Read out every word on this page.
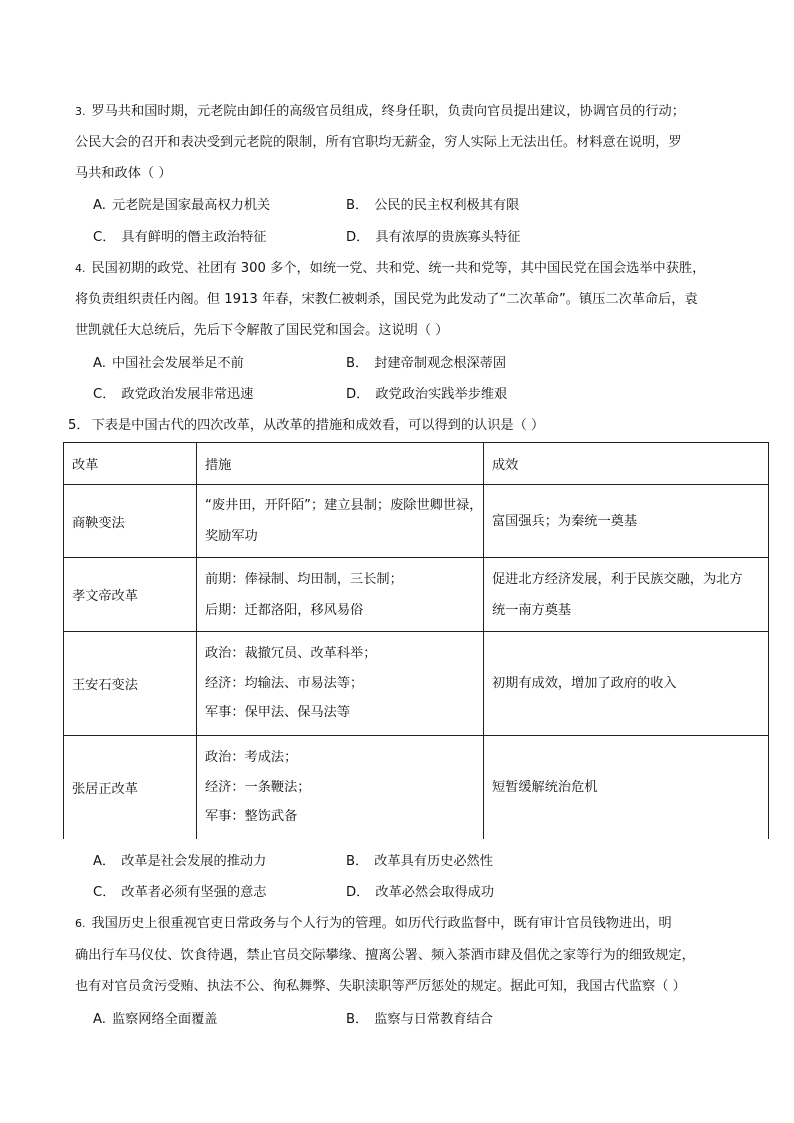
3. 罗马共和国时期，元老院由卸任的高级官员组成，终身任职，负责向官员提出建议，协调官员的行动；

公民大会的召开和表决受到元老院的限制，所有官职均无薪金，穷人实际上无法出任。材料意在说明，罗

马共和政体（ ）

A. 元老院是国家最高权力机关	B． 公民的民主权利极其有限
C． 具有鲜明的僭主政治特征	D． 具有浓厚的贵族寡头特征

4. 民国初期的政党、社团有 300 多个，如统一党、共和党、统一共和党等，其中国民党在国会选举中获胜，

将负责组织责任内阁。但 1913 年春，宋教仁被刺杀，国民党为此发动了“二次革命”。镇压二次革命后，袁

世凯就任大总统后，先后下令解散了国民党和国会。这说明（ ）

A. 中国社会发展举足不前	B． 封建帝制观念根深蒂固
C． 政党政治发展非常迅速	D． 政党政治实践举步维艰

5． 下表是中国古代的四次改革，从改革的措施和成效看，可以得到的认识是（ ）

改革	措施	成效
商鞅变法	“废井田，开阡陌”；建立县制；废除世卿世禄，
奖励军功	富国强兵；为秦统一奠基

孝文帝改革	前期：俸禄制、均田制，三长制；
后期：迁都洛阳，移风易俗	促进北方经济发展，利于民族交融，为北方
统一南方奠基

王安石变法	政治：裁撤冗员、改革科举；
经济：均输法、市易法等；
军事：保甲法、保马法等	初期有成效，增加了政府的收入

张居正改革	政治：考成法；
经济：一条鞭法；
军事：整饬武备	短暂缓解统治危机
A． 改革是社会发展的推动力	B． 改革具有历史必然性
C． 改革者必须有坚强的意志	D． 改革必然会取得成功

6. 我国历史上很重视官吏日常政务与个人行为的管理。如历代行政监督中，既有审计官员钱物进出，明

确出行车马仪仗、饮食待遇，禁止官员交际攀缘、擅离公署、频入茶酒市肆及倡优之家等行为的细致规定，

也有对官员贪污受贿、执法不公、徇私舞弊、失职渎职等严厉惩处的规定。据此可知，我国古代监察（ ）

A. 监察网络全面覆盖	B． 监察与日常教育结合
